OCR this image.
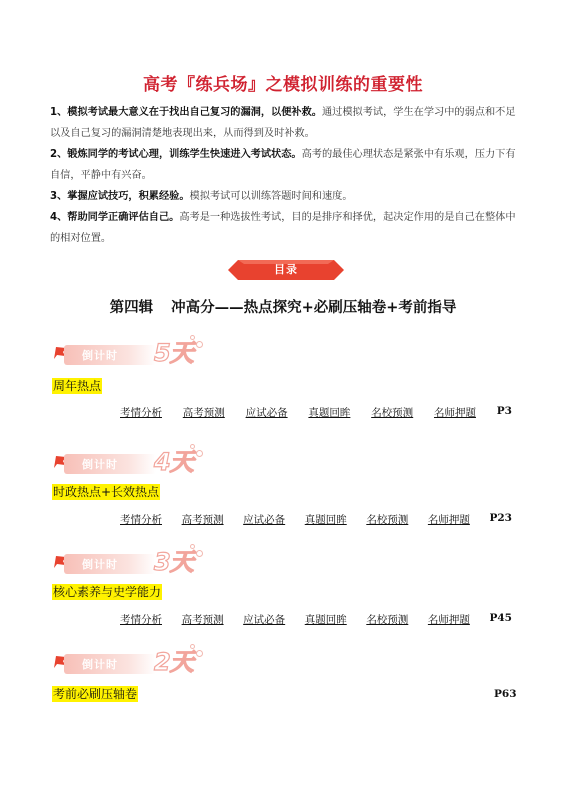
高考『练兵场』之模拟训练的重要性
1、模拟考试最大意义在于找出自己复习的漏洞，以便补救。通过模拟考试，学生在学习中的弱点和不足以及自己复习的漏洞清楚地表现出来，从而得到及时补救。
2、锻炼同学的考试心理，训练学生快速进入考试状态。高考的最佳心理状态是紧张中有乐观，压力下有自信，平静中有兴奋。
3、掌握应试技巧，积累经验。模拟考试可以训练答题时间和速度。
4、帮助同学正确评估自己。高考是一种选拔性考试，目的是排序和择优，起决定作用的是自己在整体中的相对位置。
目录
第四辑 冲高分——热点探究+必刷压轴卷+考前指导
倒计时 5天
周年热点
考情分析 高考预测 应试必备 真题回眸 名校预测 名师押题 P3
倒计时 4天
时政热点+长效热点
考情分析 高考预测 应试必备 真题回眸 名校预测 名师押题 P23
倒计时 3天
核心素养与史学能力
考情分析 高考预测 应试必备 真题回眸 名校预测 名师押题 P45
倒计时 2天
考前必刷压轴卷	P63
